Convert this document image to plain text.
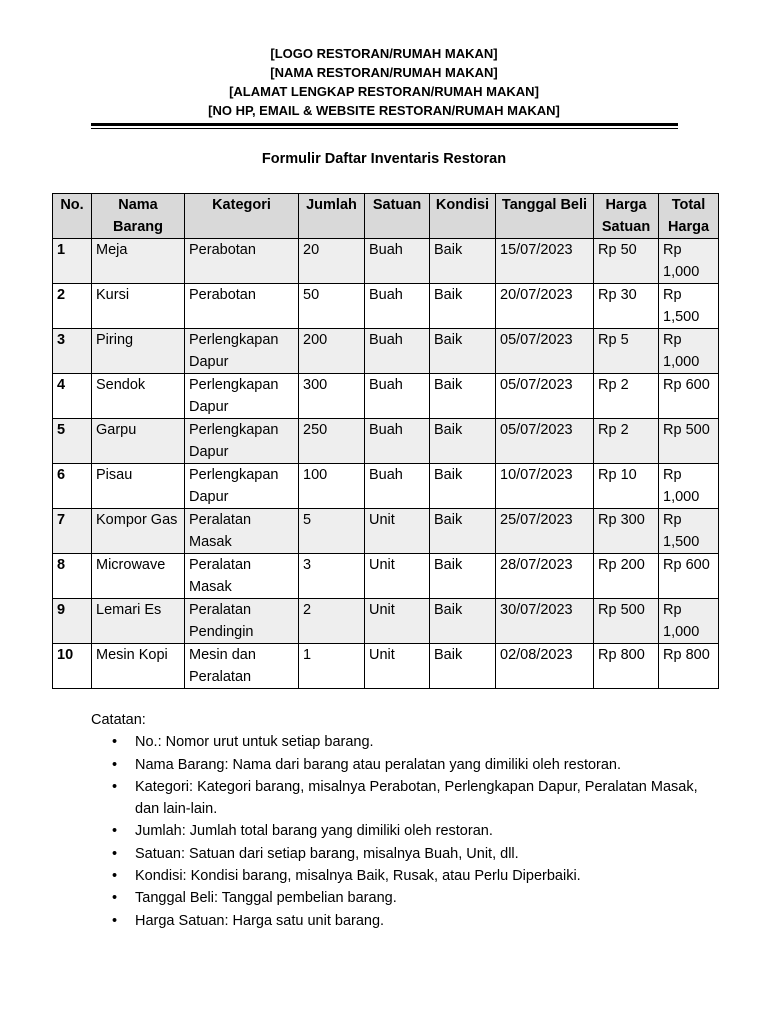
[LOGO RESTORAN/RUMAH MAKAN]
[NAMA RESTORAN/RUMAH MAKAN]
[ALAMAT LENGKAP RESTORAN/RUMAH MAKAN]
[NO HP, EMAIL & WEBSITE RESTORAN/RUMAH MAKAN]
Formulir Daftar Inventaris Restoran
No.	Nama Barang	Kategori	Jumlah	Satuan	Kondisi	Tanggal Beli	Harga Satuan	Total Harga
1	Meja	Perabotan	20	Buah	Baik	15/07/2023	Rp 50	Rp 1,000
2	Kursi	Perabotan	50	Buah	Baik	20/07/2023	Rp 30	Rp 1,500
3	Piring	Perlengkapan Dapur	200	Buah	Baik	05/07/2023	Rp 5	Rp 1,000
4	Sendok	Perlengkapan Dapur	300	Buah	Baik	05/07/2023	Rp 2	Rp 600
5	Garpu	Perlengkapan Dapur	250	Buah	Baik	05/07/2023	Rp 2	Rp 500
6	Pisau	Perlengkapan Dapur	100	Buah	Baik	10/07/2023	Rp 10	Rp 1,000
7	Kompor Gas	Peralatan Masak	5	Unit	Baik	25/07/2023	Rp 300	Rp 1,500
8	Microwave	Peralatan Masak	3	Unit	Baik	28/07/2023	Rp 200	Rp 600
9	Lemari Es	Peralatan Pendingin	2	Unit	Baik	30/07/2023	Rp 500	Rp 1,000
10	Mesin Kopi	Mesin dan Peralatan	1	Unit	Baik	02/08/2023	Rp 800	Rp 800
Catatan:
• No.: Nomor urut untuk setiap barang.
• Nama Barang: Nama dari barang atau peralatan yang dimiliki oleh restoran.
• Kategori: Kategori barang, misalnya Perabotan, Perlengkapan Dapur, Peralatan Masak, dan lain-lain.
• Jumlah: Jumlah total barang yang dimiliki oleh restoran.
• Satuan: Satuan dari setiap barang, misalnya Buah, Unit, dll.
• Kondisi: Kondisi barang, misalnya Baik, Rusak, atau Perlu Diperbaiki.
• Tanggal Beli: Tanggal pembelian barang.
• Harga Satuan: Harga satu unit barang.
